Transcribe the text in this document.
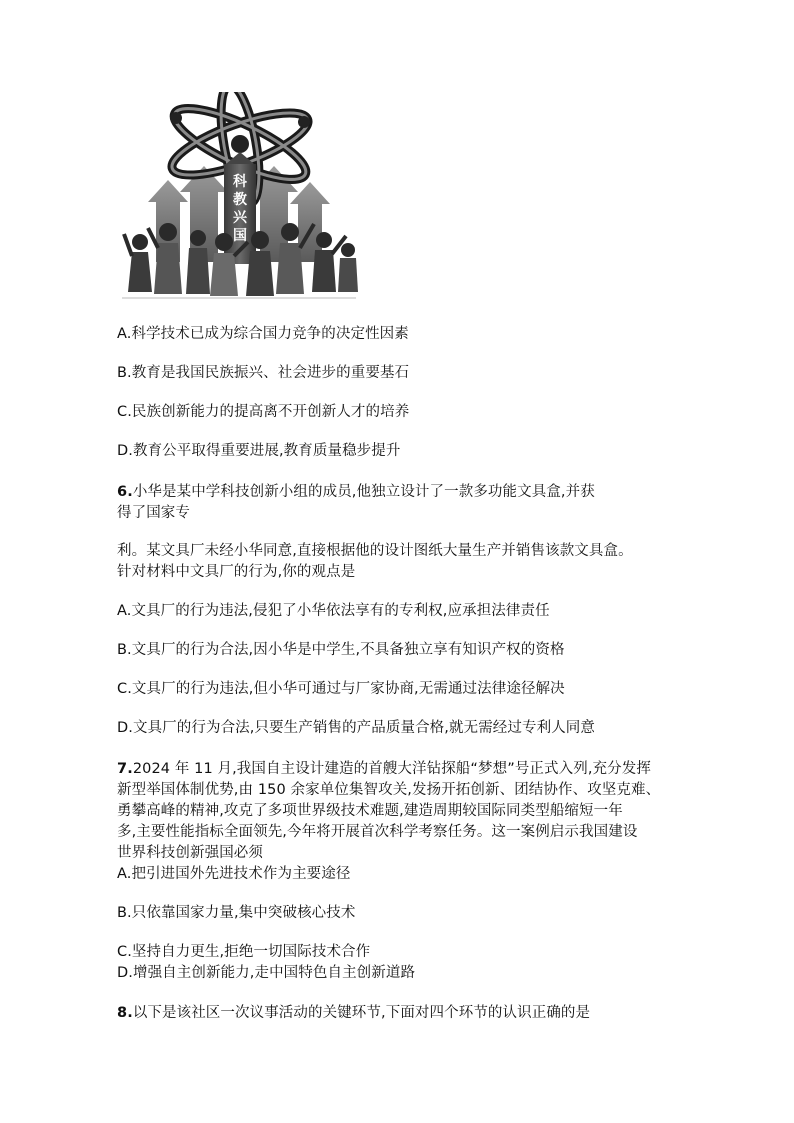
科
教
兴
国
A.科学技术已成为综合国力竞争的决定性因素
B.教育是我国民族振兴、社会进步的重要基石
C.民族创新能力的提高离不开创新人才的培养
D.教育公平取得重要进展,教育质量稳步提升
6.小华是某中学科技创新小组的成员,他独立设计了一款多功能文具盒,并获
得了国家专
利。某文具厂未经小华同意,直接根据他的设计图纸大量生产并销售该款文具盒。
针对材料中文具厂的行为,你的观点是
A.文具厂的行为违法,侵犯了小华依法享有的专利权,应承担法律责任
B.文具厂的行为合法,因小华是中学生,不具备独立享有知识产权的资格
C.文具厂的行为违法,但小华可通过与厂家协商,无需通过法律途径解决
D.文具厂的行为合法,只要生产销售的产品质量合格,就无需经过专利人同意
7.2024 年 11 月,我国自主设计建造的首艘大洋钻探船“梦想”号正式入列,充分发挥
新型举国体制优势,由 150 余家单位集智攻关,发扬开拓创新、团结协作、攻坚克难、
勇攀高峰的精神,攻克了多项世界级技术难题,建造周期较国际同类型船缩短一年
多,主要性能指标全面领先,今年将开展首次科学考察任务。这一案例启示我国建设
世界科技创新强国必须
A.把引进国外先进技术作为主要途径
B.只依靠国家力量,集中突破核心技术
C.坚持自力更生,拒绝一切国际技术合作
D.增强自主创新能力,走中国特色自主创新道路
8.以下是该社区一次议事活动的关键环节,下面对四个环节的认识正确的是
